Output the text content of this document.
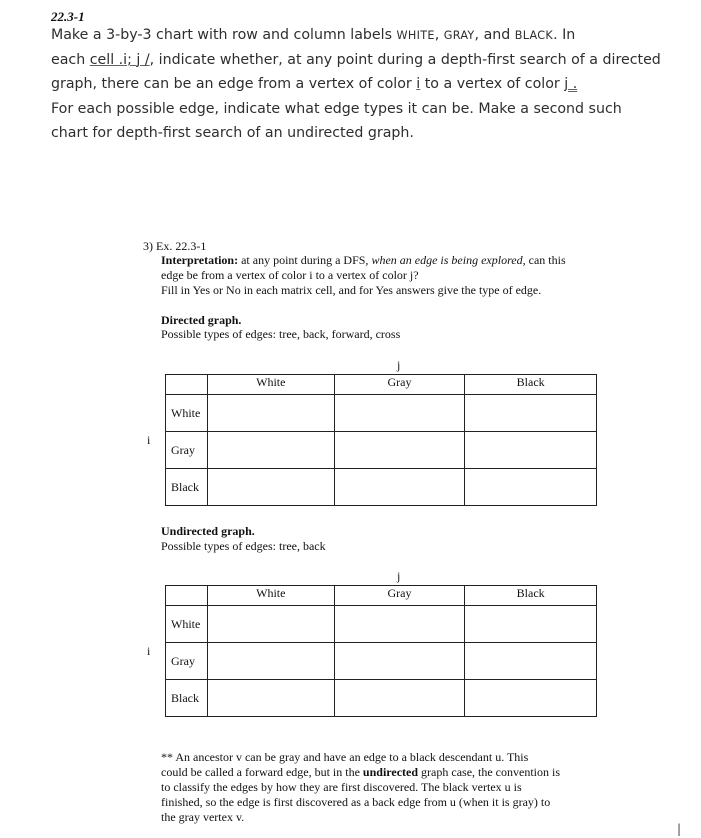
22.3-1
Make a 3-by-3 chart with row and column labels WHITE, GRAY, and BLACK. In
each cell .i; j /, indicate whether, at any point during a depth-first search of a directed
graph, there can be an edge from a vertex of color i to a vertex of color j .
For each possible edge, indicate what edge types it can be. Make a second such
chart for depth-first search of an undirected graph.
3) Ex. 22.3-1
Interpretation: at any point during a DFS, when an edge is being explored, can this
edge be from a vertex of color i to a vertex of color j?
Fill in Yes or No in each matrix cell, and for Yes answers give the type of edge.
Directed graph.
Possible types of edges: tree, back, forward, cross
j
i
	White	Gray	Black
White			
Gray			
Black			
Undirected graph.
Possible types of edges: tree, back
j
i
	White	Gray	Black
White			
Gray			
Black			
** An ancestor v can be gray and have an edge to a black descendant u. This
could be called a forward edge, but in the undirected graph case, the convention is
to classify the edges by how they are first discovered. The black vertex u is
finished, so the edge is first discovered as a back edge from u (when it is gray) to
the gray vertex v.
|
